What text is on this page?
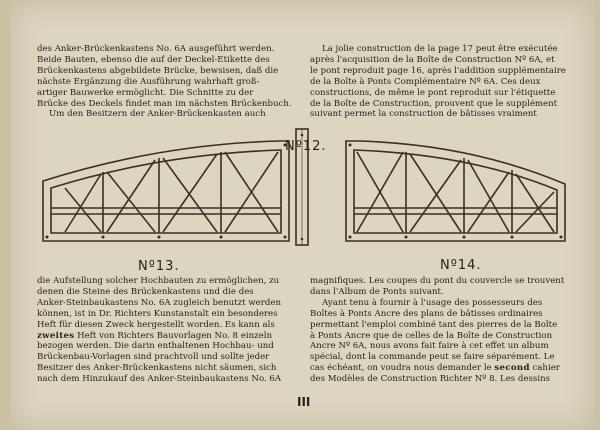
des Anker-Brückenkastens No. 6A ausgeführt werden.

Beide Bauten, ebenso die auf der Deckel-Etikette des

Brückenkastens abgebildete Brücke, bewsisen, daß die

nächste Ergänzung die Ausführung wahrhaft groß-

artiger Bauwerke ermöglicht. Die Schnitte zu der

Brücke des Deckels findet man im nächsten Brückenbuch.

Um den Besitzern der Anker-Brückenkasten auch

La jolie construction de la page 17 peut être exécutée

après l'acquisition de la Boîte de Construction Nº 6A, et

le pont reproduit page 16, après l'addition supplémentaire

de la Boîte à Ponts Complémentaire Nº 6A. Ces deux

constructions, de même le pont reproduit sur l'étiquette

de la Boîte de Construction, prouvent que le supplément

suivant permet la construction de bâtisses vraiment

Nº12.
Nº13.	Nº14.

die Aufstellung solcher Hochbauten zu ermöglichen, zu

denen die Steine des Brückenkastens und die des

Anker-Steinbaukastens No. 6A zugleich benutzt werden

können, ist in Dr. Richters Kunstanstalt ein besonderes

Heft für diesen Zweck hergestellt worden. Es kann als

zweites Heft von Richters Bauvorlagen No. 8 einzeln

bezogen werden. Die darin enthaltenen Hochbau- und

Brückenbau-Vorlagen sind prachtvoll und sollte jeder

Besitzer des Anker-Brückenkastens nicht säumen, sich

nach dem Hinzukauf des Anker-Steinbaukastens No. 6A

magnifiques. Les coupes du pont du couvercle se trouvent

dans l'Album de Ponts suivant.

Ayant tenu à fournir à l'usage des possesseurs des

Boîtes à Ponts Ancre des plans de bâtisses ordinaires

permettant l'emploi combiné tant des pierres de la Boîte

à Ponts Ancre que de celles de la Boîte de Construction

Ancre Nº 6A, nous avons fait faire à cet effet un album

spécial, dont la commande peut se faire séparément. Le

cas échéant, on voudra nous demander le second cahier

des Modèles de Construction Richter Nº 8. Les dessins

III
